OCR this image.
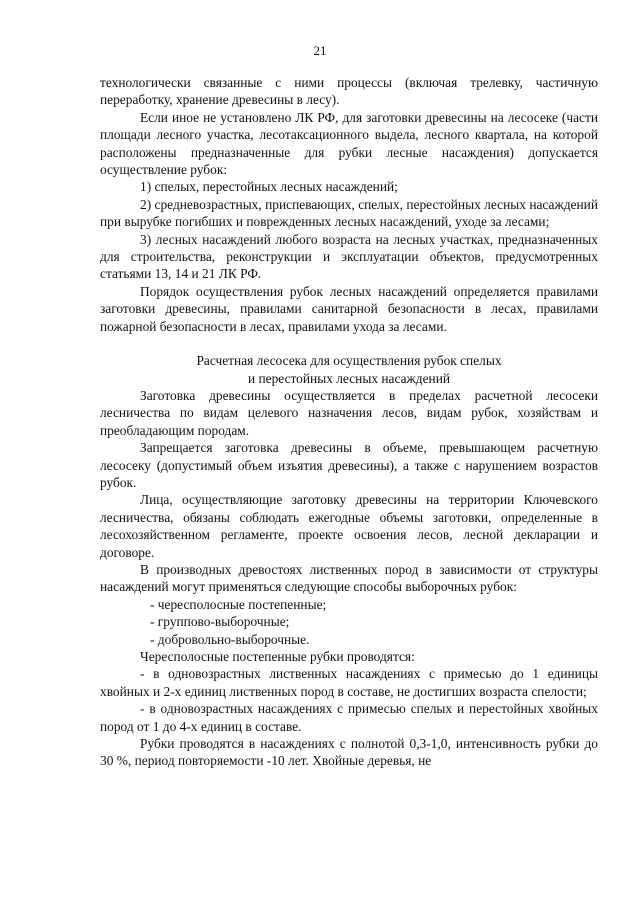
21

технологически связанные с ними процессы (включая трелевку, частичную переработку, хранение древесины в лесу).

Если иное не установлено ЛК РФ, для заготовки древесины на лесосеке (части площади лесного участка, лесотаксационного выдела, лесного квартала, на которой расположены предназначенные для рубки лесные насаждения) допускается осуществление рубок:

1) спелых, перестойных лесных насаждений;

2) средневозрастных, приспевающих, спелых, перестойных лесных насаждений при вырубке погибших и поврежденных лесных насаждений, уходе за лесами;

3) лесных насаждений любого возраста на лесных участках, предназначенных для строительства, реконструкции и эксплуатации объектов, предусмотренных статьями 13, 14 и 21 ЛК РФ.

Порядок осуществления рубок лесных насаждений определяется правилами заготовки древесины, правилами санитарной безопасности в лесах, правилами пожарной безопасности в лесах, правилами ухода за лесами.

Расчетная лесосека для осуществления рубок спелых
и перестойных лесных насаждений

Заготовка древесины осуществляется в пределах расчетной лесосеки лесничества по видам целевого назначения лесов, видам рубок, хозяйствам и преобладающим породам.

Запрещается заготовка древесины в объеме, превышающем расчетную лесосеку (допустимый объем изъятия древесины), а также с нарушением возрастов рубок.

Лица, осуществляющие заготовку древесины на территории Ключевского лесничества, обязаны соблюдать ежегодные объемы заготовки, определенные в лесохозяйственном регламенте, проекте освоения лесов, лесной декларации и договоре.

В производных древостоях лиственных пород в зависимости от структуры насаждений могут применяться следующие способы выборочных рубок:

- чересполосные постепенные;

- группово-выборочные;

- добровольно-выборочные.

Чересполосные постепенные рубки проводятся:

- в одновозрастных лиственных насаждениях с примесью до 1 единицы хвойных и 2-х единиц лиственных пород в составе, не достигших возраста спелости;

- в одновозрастных насаждениях с примесью спелых и перестойных хвойных пород от 1 до 4-х единиц в составе.

Рубки проводятся в насаждениях с полнотой 0,3-1,0, интенсивность рубки до 30 %, период повторяемости -10 лет. Хвойные деревья, не
